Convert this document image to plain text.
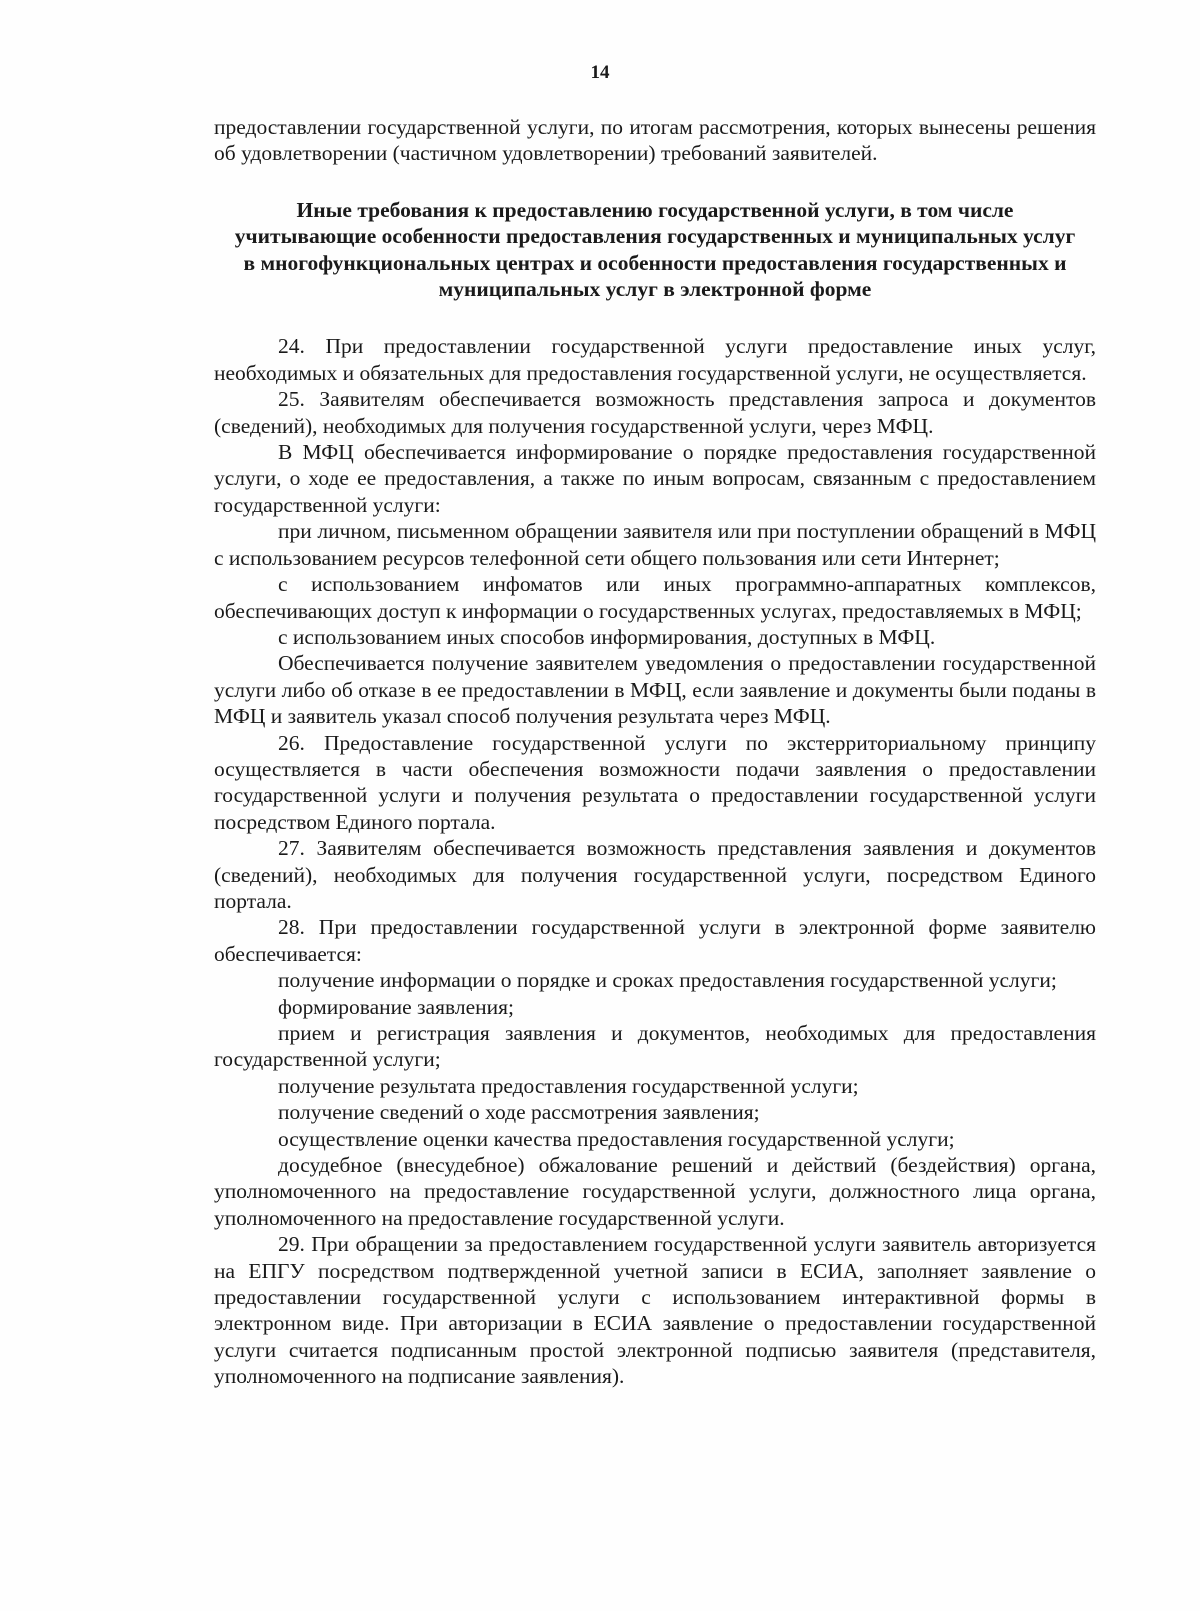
14

предоставлении государственной услуги, по итогам рассмотрения, которых вынесены решения об удовлетворении (частичном удовлетворении) требований заявителей.

Иные требования к предоставлению государственной услуги, в том числе учитывающие особенности предоставления государственных и муниципальных услуг в многофункциональных центрах и особенности предоставления государственных и муниципальных услуг в электронной форме

24. При предоставлении государственной услуги предоставление иных услуг, необходимых и обязательных для предоставления государственной услуги, не осуществляется.

25. Заявителям обеспечивается возможность представления запроса и документов (сведений), необходимых для получения государственной услуги, через МФЦ.

В МФЦ обеспечивается информирование о порядке предоставления государственной услуги, о ходе ее предоставления, а также по иным вопросам, связанным с предоставлением государственной услуги:

при личном, письменном обращении заявителя или при поступлении обращений в МФЦ с использованием ресурсов телефонной сети общего пользования или сети Интернет;

с использованием инфоматов или иных программно-аппаратных комплексов, обеспечивающих доступ к информации о государственных услугах, предоставляемых в МФЦ;

с использованием иных способов информирования, доступных в МФЦ.

Обеспечивается получение заявителем уведомления о предоставлении государственной услуги либо об отказе в ее предоставлении в МФЦ, если заявление и документы были поданы в МФЦ и заявитель указал способ получения результата через МФЦ.

26. Предоставление государственной услуги по экстерриториальному принципу осуществляется в части обеспечения возможности подачи заявления о предоставлении государственной услуги и получения результата о предоставлении государственной услуги посредством Единого портала.

27. Заявителям обеспечивается возможность представления заявления и документов (сведений), необходимых для получения государственной услуги, посредством Единого портала.

28. При предоставлении государственной услуги в электронной форме заявителю обеспечивается:

получение информации о порядке и сроках предоставления государственной услуги;

формирование заявления;

прием и регистрация заявления и документов, необходимых для предоставления государственной услуги;

получение результата предоставления государственной услуги;

получение сведений о ходе рассмотрения заявления;

осуществление оценки качества предоставления государственной услуги;

досудебное (внесудебное) обжалование решений и действий (бездействия) органа, уполномоченного на предоставление государственной услуги, должностного лица органа, уполномоченного на предоставление государственной услуги.

29. При обращении за предоставлением государственной услуги заявитель авторизуется на ЕПГУ посредством подтвержденной учетной записи в ЕСИА, заполняет заявление о предоставлении государственной услуги с использованием интерактивной формы в электронном виде. При авторизации в ЕСИА заявление о предоставлении государственной услуги считается подписанным простой электронной подписью заявителя (представителя, уполномоченного на подписание заявления).
